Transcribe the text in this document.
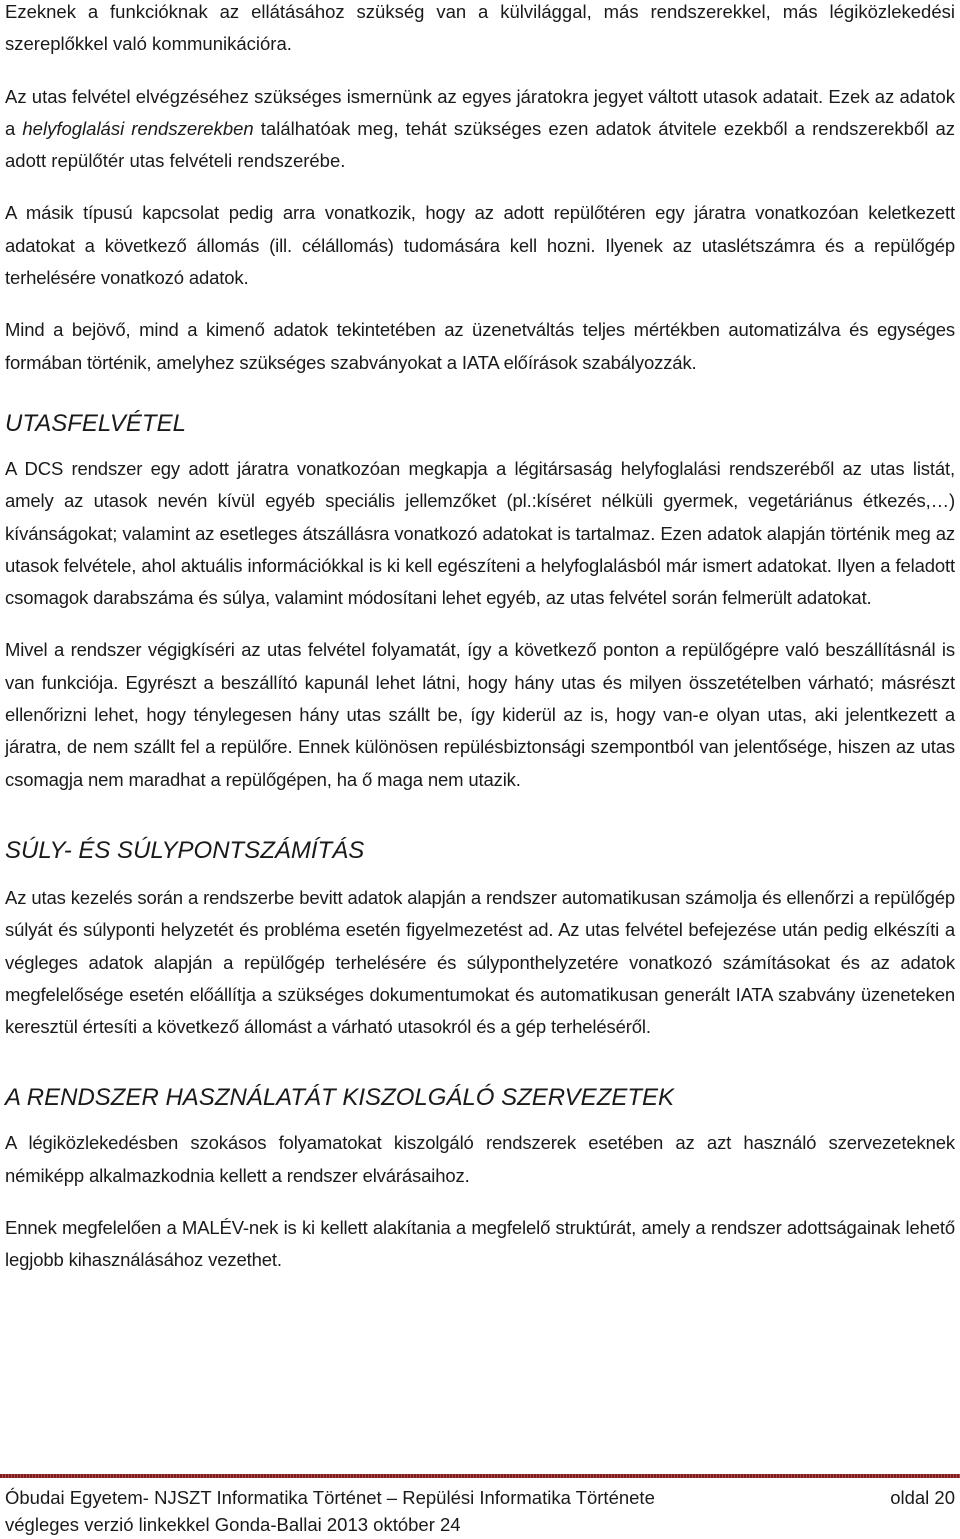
Ezeknek a funkcióknak az ellátásához szükség van a külvilággal, más rendszerekkel, más légiközlekedési szereplőkkel való kommunikációra.

Az utas felvétel elvégzéséhez szükséges ismernünk az egyes járatokra jegyet váltott utasok adatait. Ezek az adatok a helyfoglalási rendszerekben találhatóak meg, tehát szükséges ezen adatok átvitele ezekből a rendszerekből az adott repülőtér utas felvételi rendszerébe.

A másik típusú kapcsolat pedig arra vonatkozik, hogy az adott repülőtéren egy járatra vonatkozóan keletkezett adatokat a következő állomás (ill. célállomás) tudomására kell hozni. Ilyenek az utaslétszámra és a repülőgép terhelésére vonatkozó adatok.

Mind a bejövő, mind a kimenő adatok tekintetében az üzenetváltás teljes mértékben automatizálva és egységes formában történik, amelyhez szükséges szabványokat a IATA előírások szabályozzák.

UTASFELVÉTEL

A DCS rendszer egy adott járatra vonatkozóan megkapja a légitársaság helyfoglalási rendszeréből az utas listát, amely az utasok nevén kívül egyéb speciális jellemzőket (pl.:kíséret nélküli gyermek, vegetáriánus étkezés,…) kívánságokat; valamint az esetleges átszállásra vonatkozó adatokat is tartalmaz. Ezen adatok alapján történik meg az utasok felvétele, ahol aktuális információkkal is ki kell egészíteni a helyfoglalásból már ismert adatokat. Ilyen a feladott csomagok darabszáma és súlya, valamint módosítani lehet egyéb, az utas felvétel során felmerült adatokat.

Mivel a rendszer végigkíséri az utas felvétel folyamatát, így a következő ponton a repülőgépre való beszállításnál is van funkciója. Egyrészt a beszállító kapunál lehet látni, hogy hány utas és milyen összetételben várható; másrészt ellenőrizni lehet, hogy ténylegesen hány utas szállt be, így kiderül az is, hogy van-e olyan utas, aki jelentkezett a járatra, de nem szállt fel a repülőre. Ennek különösen repülésbiztonsági szempontból van jelentősége, hiszen az utas csomagja nem maradhat a repülőgépen, ha ő maga nem utazik.

SÚLY- ÉS SÚLYPONTSZÁMÍTÁS

Az utas kezelés során a rendszerbe bevitt adatok alapján a rendszer automatikusan számolja és ellenőrzi a repülőgép súlyát és súlyponti helyzetét és probléma esetén figyelmezetést ad. Az utas felvétel befejezése után pedig elkészíti a végleges adatok alapján a repülőgép terhelésére és súlyponthelyzetére vonatkozó számításokat és az adatok megfelelősége esetén előállítja a szükséges dokumentumokat és automatikusan generált IATA szabvány üzeneteken keresztül értesíti a következő állomást a várható utasokról és a gép terheléséről.

A RENDSZER HASZNÁLATÁT KISZOLGÁLÓ SZERVEZETEK

A légiközlekedésben szokásos folyamatokat kiszolgáló rendszerek esetében az azt használó szervezeteknek némiképp alkalmazkodnia kellett a rendszer elvárásaihoz.

Ennek megfelelően a MALÉV-nek is ki kellett alakítania a megfelelő struktúrát, amely a rendszer adottságainak lehető legjobb kihasználásához vezethet.

Óbudai Egyetem- NJSZT Informatika Történet – Repülési Informatika Története	oldal 20
végleges verzió linkekkel Gonda-Ballai 2013 október 24
